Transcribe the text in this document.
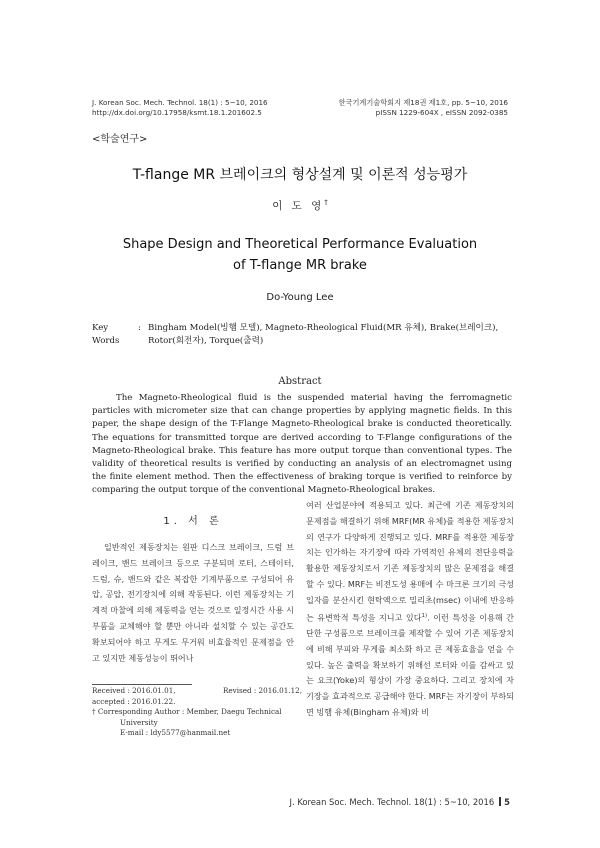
J. Korean Soc. Mech. Technol. 18(1) : 5~10, 2016
http://dx.doi.org/10.17958/ksmt.18.1.201602.5
한국기계기술학회지 제18권 제1호, pp. 5~10, 2016
pISSN 1229-604X , eISSN 2092-0385
<학술연구>
T-flange MR 브레이크의 형상설계 및 이론적 성능평가
이 도 영†
Shape Design and Theoretical Performance Evaluation
of T-flange MR brake
Do-Young Lee
Key Words
: Bingham Model(빙햄 모델), Magneto-Rheological Fluid(MR 유체), Brake(브레이크), Rotor(회전자), Torque(출력)
Abstract

The Magneto-Rheological fluid is the suspended material having the ferromagnetic particles with micrometer size that can change properties by applying magnetic fields. In this paper, the shape design of the T-Flange Magneto-Rheological brake is conducted theoretically. The equations for transmitted torque are derived according to T-Flange configurations of the Magneto-Rheological brake. This feature has more output torque than conventional types. The validity of theoretical results is verified by conducting an analysis of an electromagnet using the finite element method. Then the effectiveness of braking torque is verified to reinforce by comparing the output torque of the conventional Magneto-Rheological brakes.

1. 서 론

일반적인 제동장치는 원판 디스크 브레이크, 드럼 브레이크, 밴드 브레이크 등으로 구분되며 로터, 스테이터, 드럼, 슈, 밴드와 같은 복잡한 기계부품으로 구성되어 유압, 공압, 전기장치에 의해 작동된다. 이런 제동장치는 기계적 마찰에 의해 제동력을 얻는 것으로 일정시간 사용 시 부품을 교체해야 할 뿐만 아니라 설치할 수 있는 공간도 확보되어야 하고 무게도 무거워 비효율적인 문제점을 안고 있지만 제동성능이 뛰어나

여러 산업분야에 적용되고 있다. 최근에 기존 제동장치의 문제점을 해결하기 위해 MRF(MR 유체)를 적용한 제동장치의 연구가 다양하게 진행되고 있다. MRF를 적용한 제동장치는 인가하는 자기장에 따라 가역적인 유체의 전단응력을 활용한 제동장치로서 기존 제동장치의 많은 문제점을 해결할 수 있다. MRF는 비전도성 용매에 수 마크론 크기의 극성 입자를 분산시킨 현탁액으로 밀리초(msec) 이내에 반응하는 유변학적 특성을 지니고 있다$^{1)}$. 이런 특성을 이용해 간단한 구성품으로 브레이크를 제작할 수 있어 기존 제동장치에 비해 부피와 무게를 최소화 하고 큰 제동효율을 얻을 수 있다. 높은 출력을 확보하기 위해선 로터와 이를 감싸고 있는 요크(Yoke)의 형상이 가장 중요하다. 그리고 장치에 자기장을 효과적으로 공급해야 한다. MRF는 자기장이 부하되면 빙햄 유체(Bingham 유체)와 비

Received : 2016.01.01,	Revised : 2016.01.12,
accepted : 2016.01.22.
† Corresponding Author : Member, Daegu Technical
University
E-mail : ldy5577@hanmail.net
J. Korean Soc. Mech. Technol. 18(1) : 5~10, 2016 5
